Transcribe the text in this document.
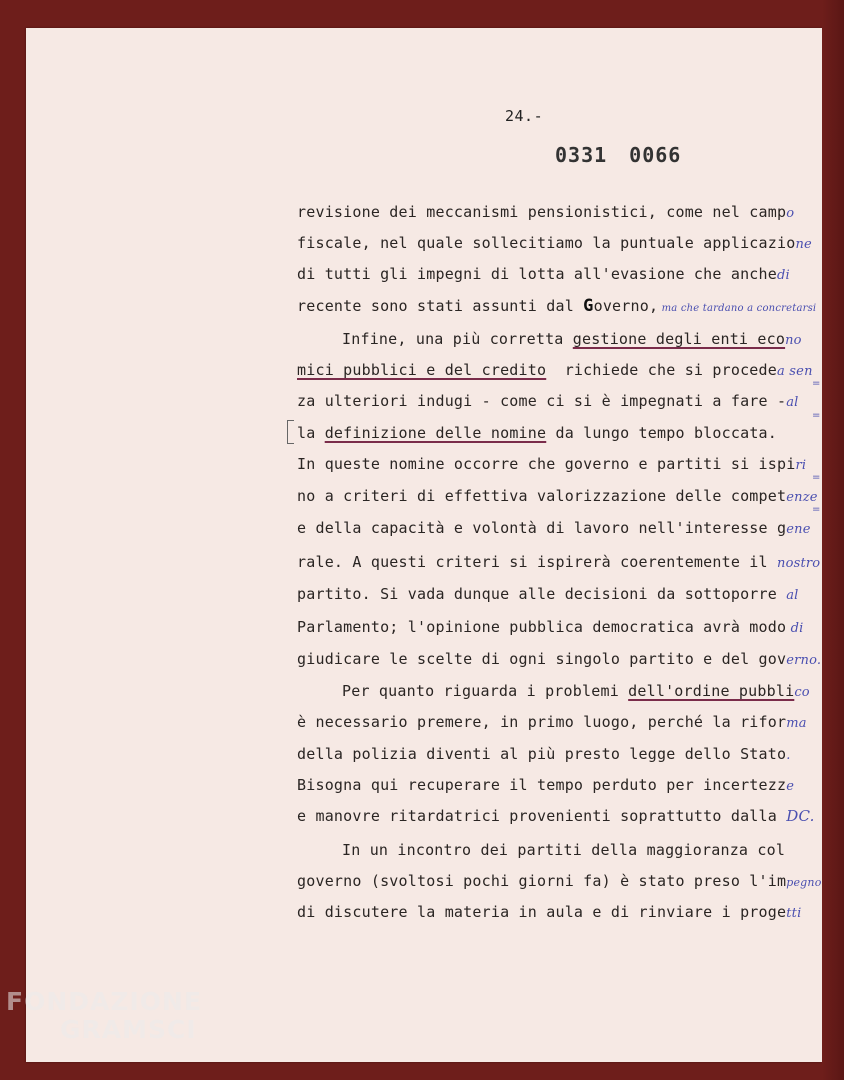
24.-
0331 0066
revisione dei meccanismi pensionistici, come nel campo
fiscale, nel quale sollecitiamo la puntuale applicazione
di tutti gli impegni di lotta all'evasione che anchedi
recente sono stati assunti dal Governo, ma che tardano a concretarsi
Infine, una più corretta gestione degli enti econo
mici pubblici e del credito  richiede che si procedea sen
za ulteriori indugi - come ci si è impegnati a fare -al
la definizione delle nomine da lungo tempo bloccata.
In queste nomine occorre che governo e partiti si ispiri
no a criteri di effettiva valorizzazione delle competenze
e della capacità e volontà di lavoro nell'interesse gene
rale. A questi criteri si ispirerà coerentemente il nostro
partito. Si vada dunque alle decisioni da sottoporre al
Parlamento; l'opinione pubblica democratica avrà modo di
giudicare le scelte di ogni singolo partito e del governo.
Per quanto riguarda i problemi dell'ordine pubblico
è necessario premere, in primo luogo, perché la riforma
della polizia diventi al più presto legge dello Stato.
Bisogna qui recuperare il tempo perduto per incertezze
e manovre ritardatrici provenienti soprattutto dalla DC.
In un incontro dei partiti della maggioranza col
governo (svoltosi pochi giorni fa) è stato preso l'impegno
di discutere la materia in aula e di rinviare i progetti
=
=
=
=
FONDAZIONE
GRAMSCI
